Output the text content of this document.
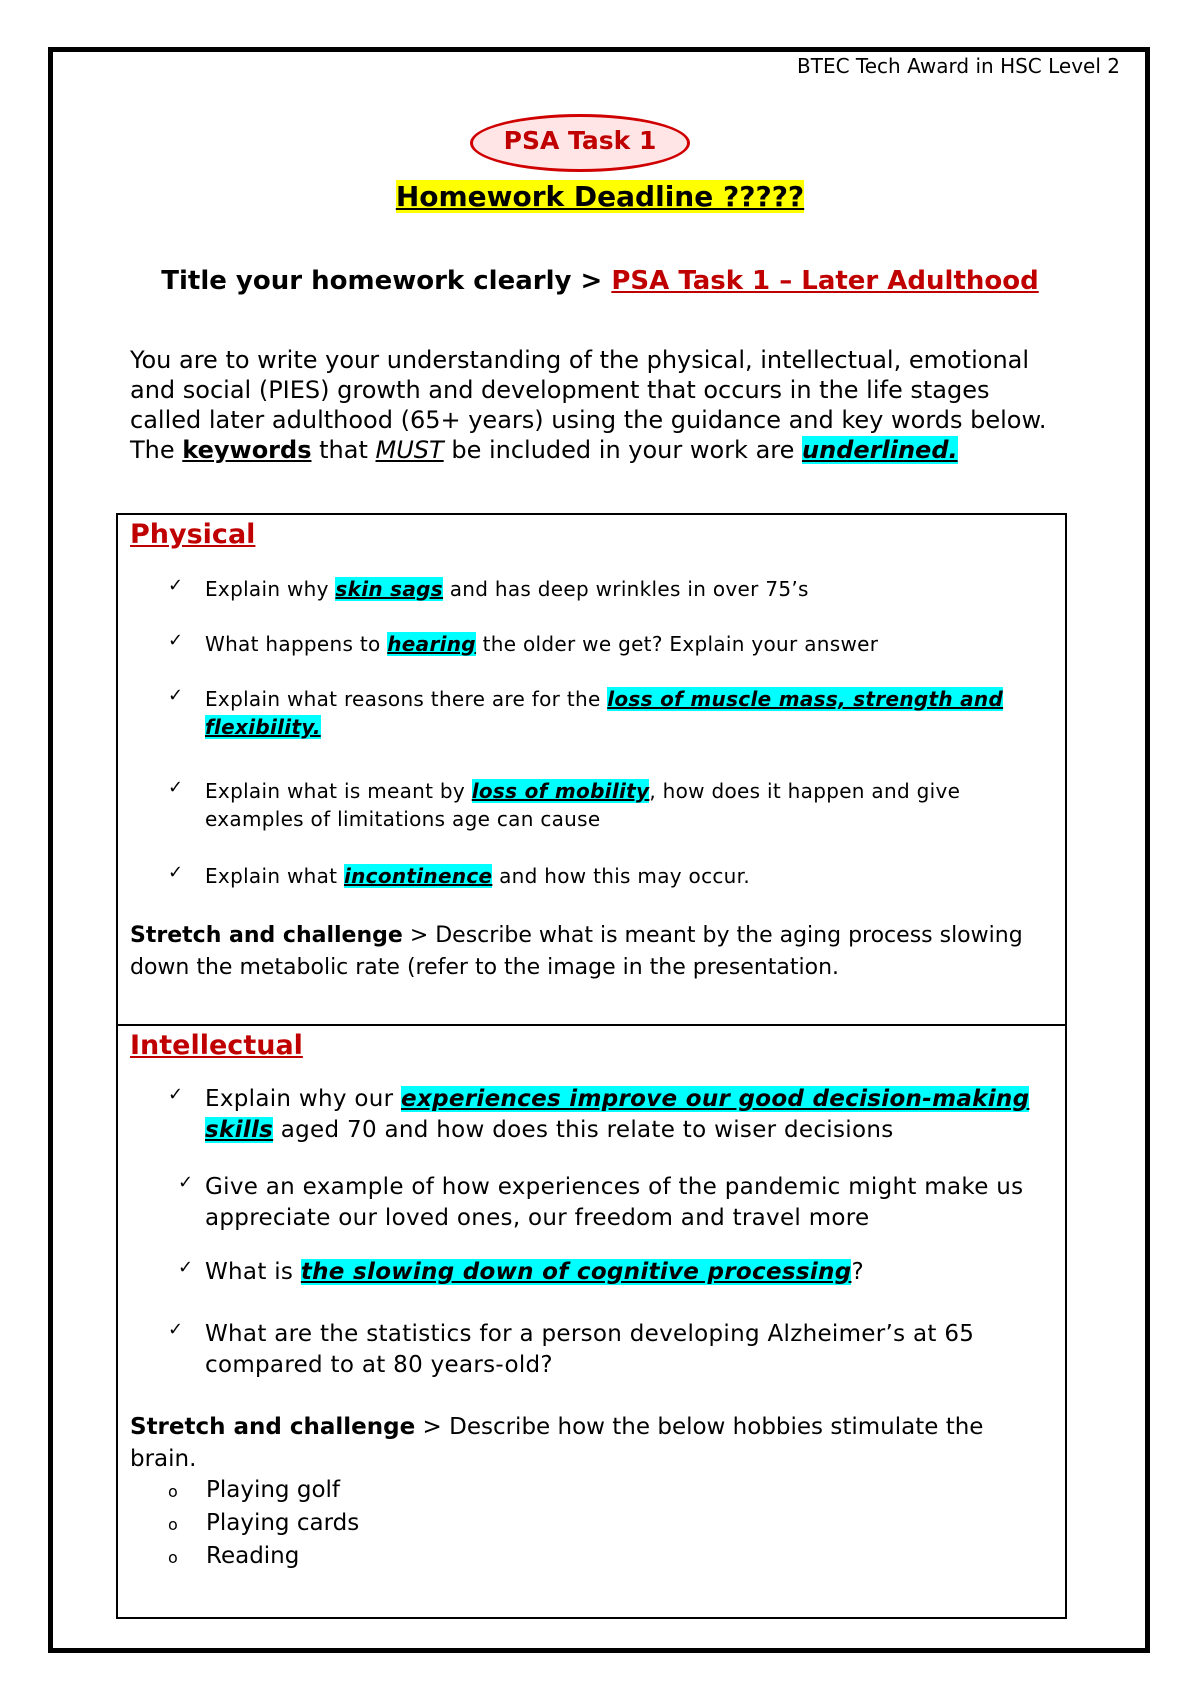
BTEC Tech Award in HSC Level 2
PSA Task 1
Homework Deadline ?????
Title your homework clearly > PSA Task 1 – Later Adulthood
You are to write your understanding of the physical, intellectual, emotional
and social (PIES) growth and development that occurs in the life stages
called later adulthood (65+ years) using the guidance and key words below.
The keywords that MUST be included in your work are underlined.
Physical
✓ Explain why skin sags and has deep wrinkles in over 75’s
✓ What happens to hearing the older we get? Explain your answer
✓ Explain what reasons there are for the loss of muscle mass, strength and flexibility.
✓ Explain what is meant by loss of mobility, how does it happen and give examples of limitations age can cause
✓ Explain what incontinence and how this may occur.
Stretch and challenge > Describe what is meant by the aging process slowing down the metabolic rate (refer to the image in the presentation.
Intellectual
✓ Explain why our experiences improve our good decision-making skills aged 70 and how does this relate to wiser decisions
✓ Give an example of how experiences of the pandemic might make us appreciate our loved ones, our freedom and travel more
✓ What is the slowing down of cognitive processing?
✓ What are the statistics for a person developing Alzheimer’s at 65 compared to at 80 years-old?
Stretch and challenge > Describe how the below hobbies stimulate the brain.
o Playing golf
o Playing cards
o Reading
